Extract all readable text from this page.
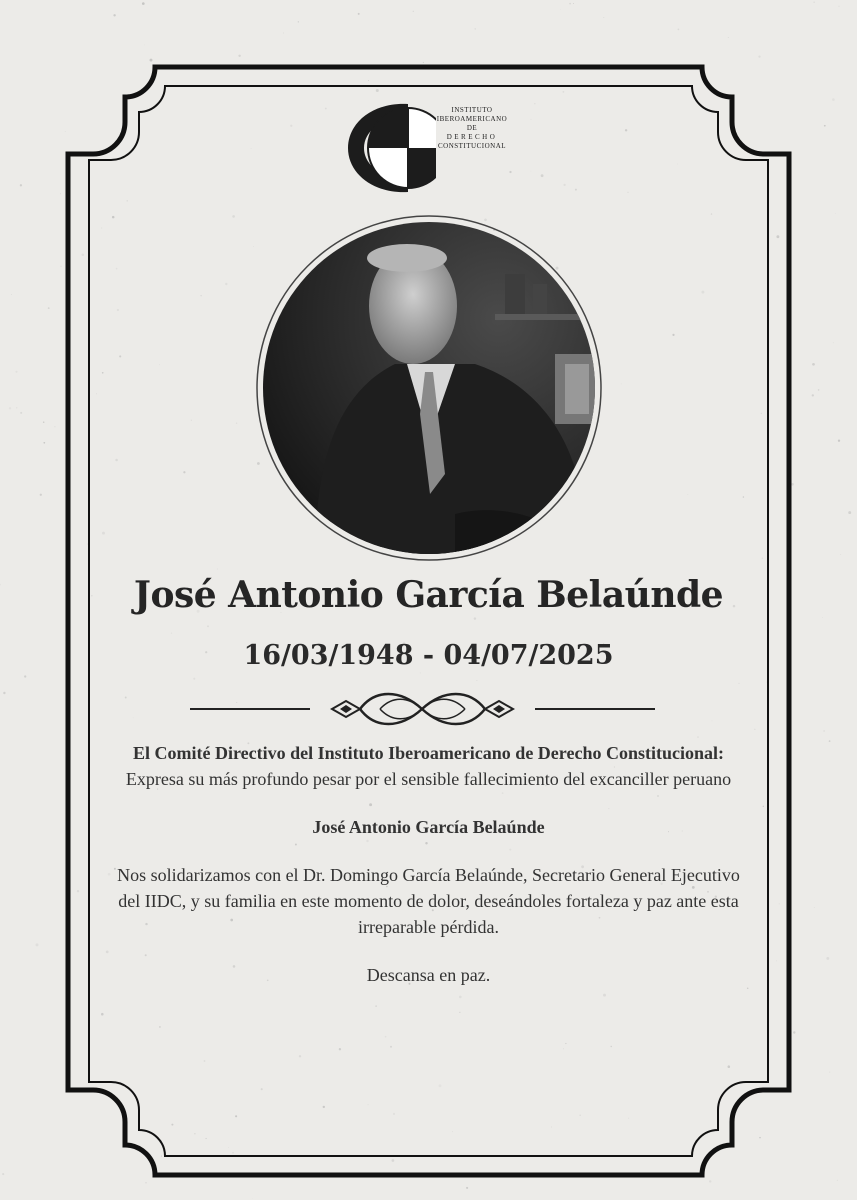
INSTITUTO
IBEROAMERICANO
DE
DERECHO
CONSTITUCIONAL
José Antonio García Belaúnde
16/03/1948 - 04/07/2025

El Comité Directivo del Instituto Iberoamericano de Derecho Constitucional:

Expresa su más profundo pesar por el sensible fallecimiento del excanciller peruano

José Antonio García Belaúnde

Nos solidarizamos con el Dr. Domingo García Belaúnde, Secretario General Ejecutivo del IIDC, y su familia en este momento de dolor, deseándoles fortaleza y paz ante esta irreparable pérdida.

Descansa en paz.
